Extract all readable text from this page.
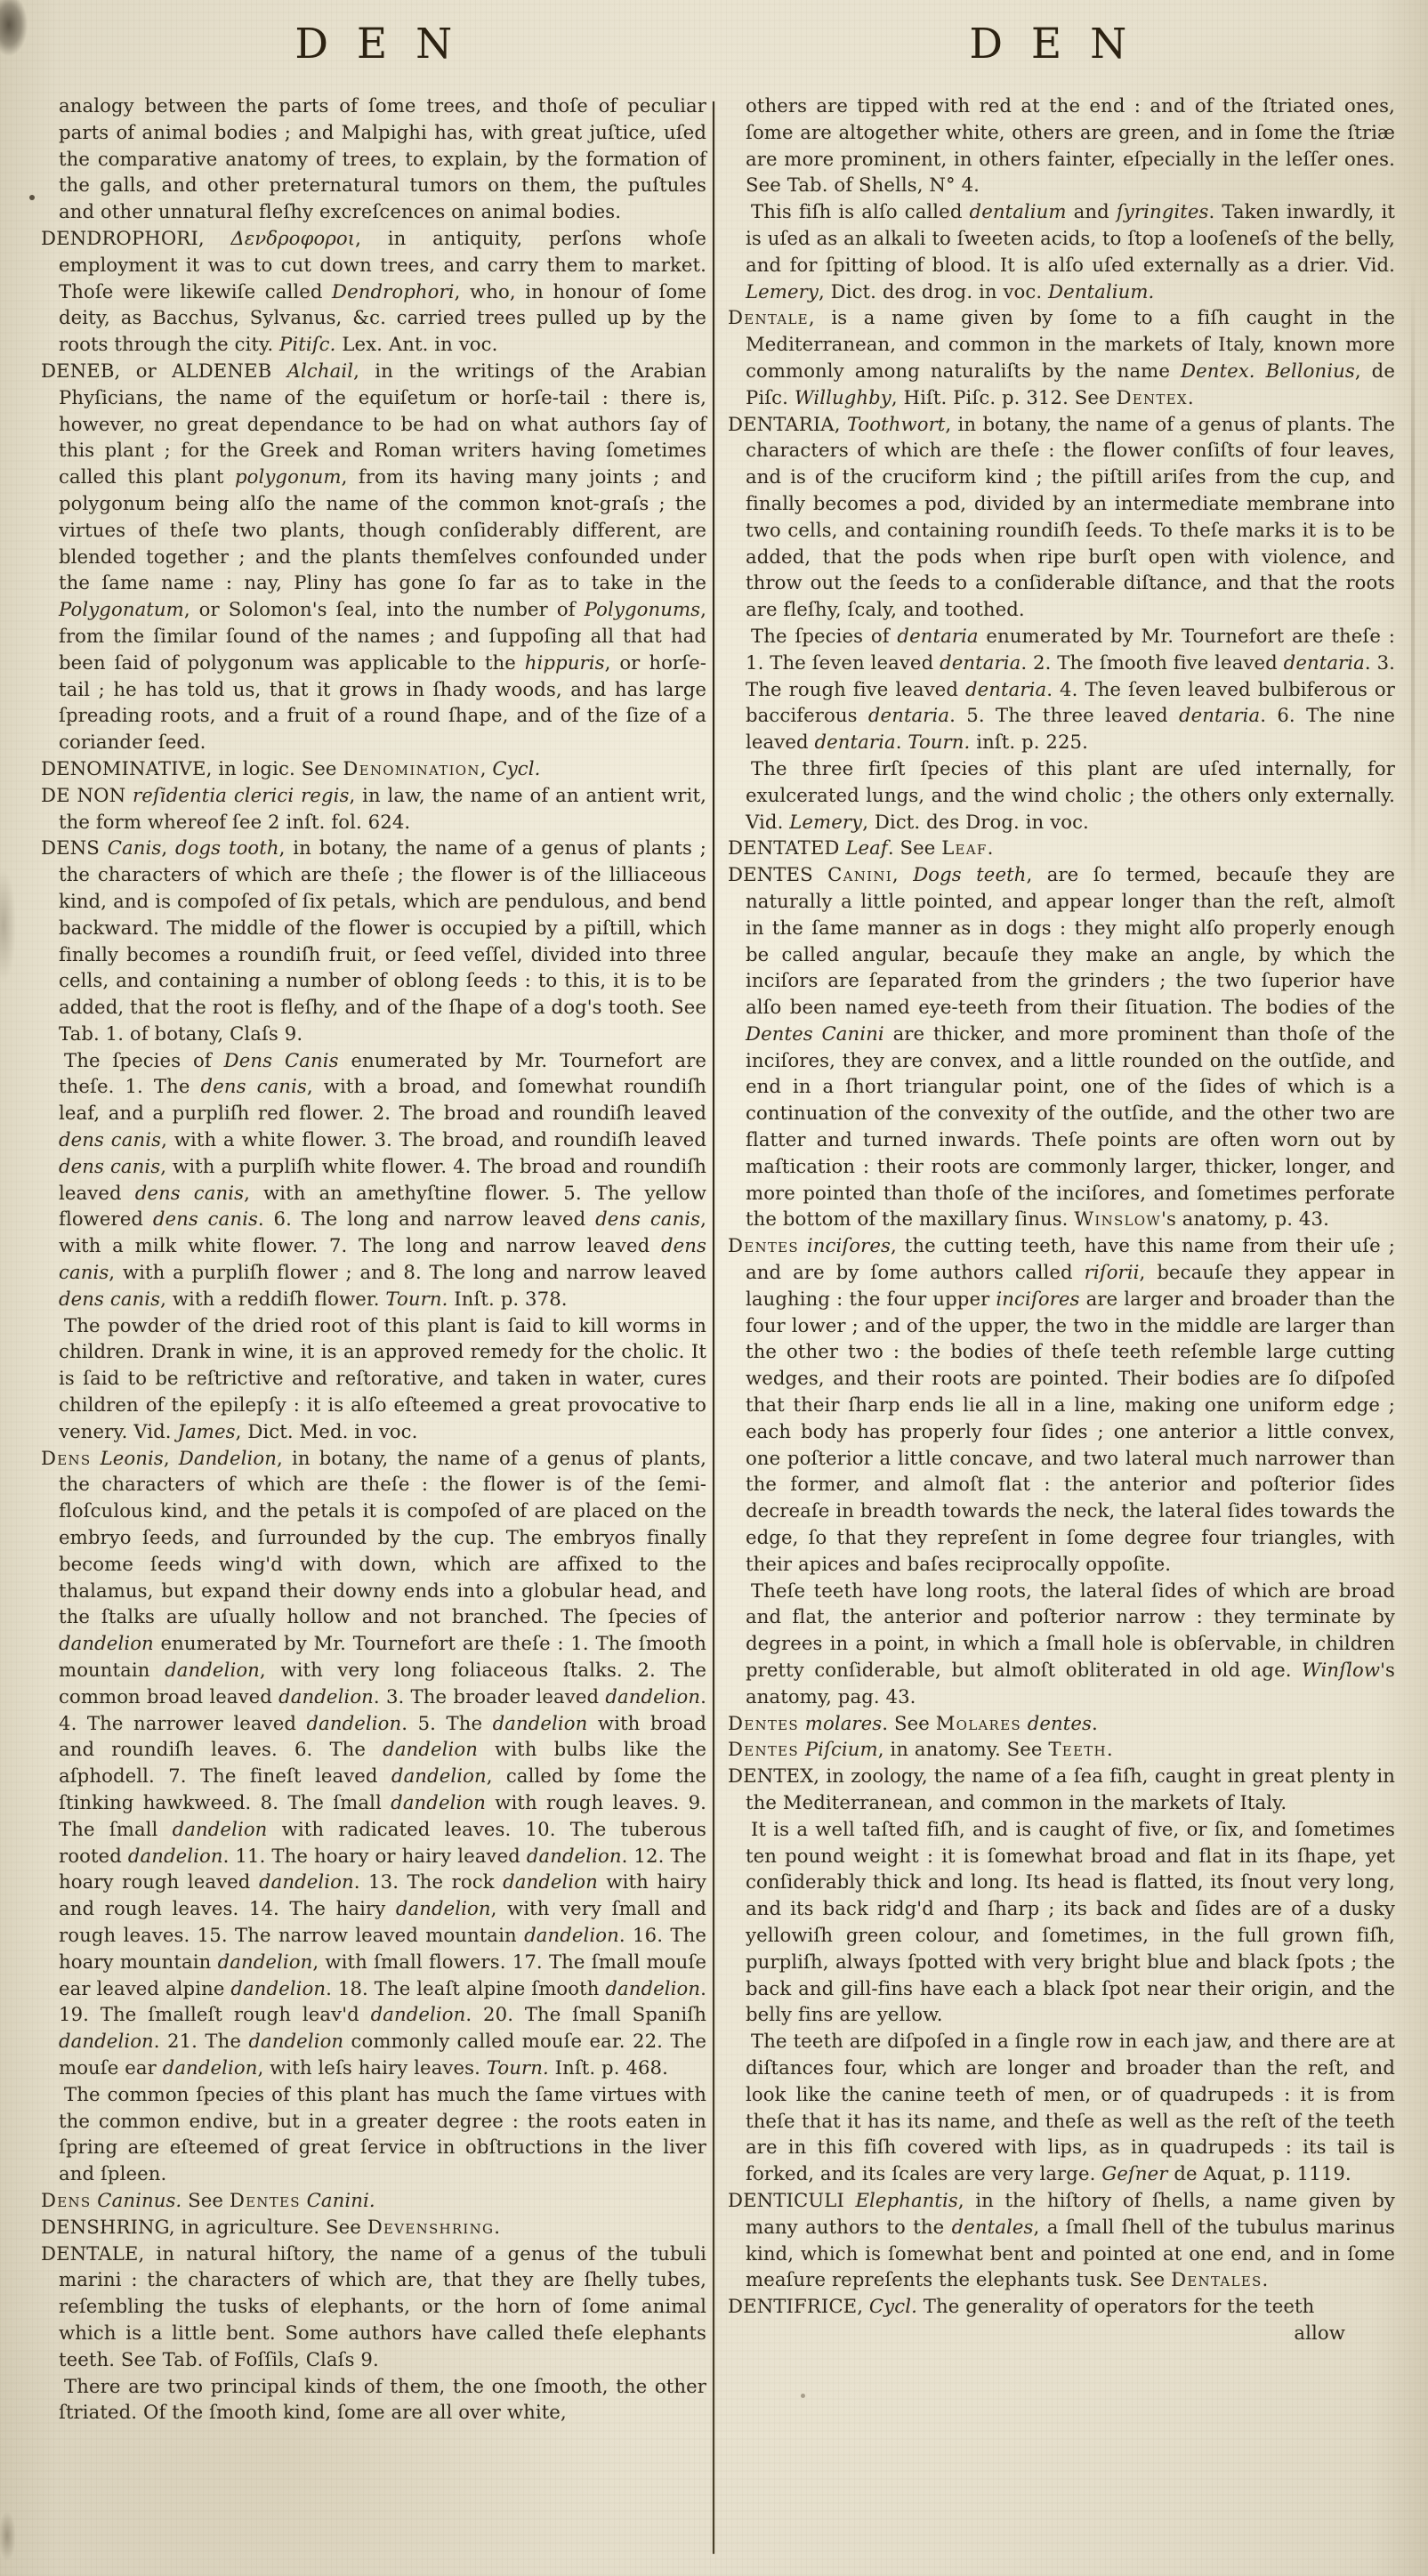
D E N	D E N

analogy between the parts of ſome trees, and thoſe of peculiar parts of animal bodies ; and Malpighi has, with great juſtice, uſed the comparative anatomy of trees, to explain, by the formation of the galls, and other preternatural tumors on them, the puſtules and other unnatural fleſhy excreſcences on animal bodies.

DENDROPHORI, Δενδροφοροι, in antiquity, perſons whoſe employment it was to cut down trees, and carry them to market. Thoſe were likewiſe called Dendrophori, who, in honour of ſome deity, as Bacchus, Sylvanus, &c. carried trees pulled up by the roots through the city. Pitiſc. Lex. Ant. in voc.

DENEB, or ALDENEB Alchail, in the writings of the Arabian Phyſicians, the name of the equiſetum or horſe-tail : there is, however, no great dependance to be had on what authors ſay of this plant ; for the Greek and Roman writers having ſometimes called this plant polygonum, from its having many joints ; and polygonum being alſo the name of the common knot-graſs ; the virtues of theſe two plants, though conſiderably different, are blended together ; and the plants themſelves confounded under the ſame name : nay, Pliny has gone ſo far as to take in the Polygonatum, or Solomon's ſeal, into the number of Polygonums, from the ſimilar ſound of the names ; and ſuppoſing all that had been ſaid of polygonum was applicable to the hippuris, or horſe-tail ; he has told us, that it grows in ſhady woods, and has large ſpreading roots, and a fruit of a round ſhape, and of the ſize of a coriander ſeed.

DENOMINATIVE, in logic. See Denomination, Cycl.

DE NON reſidentia clerici regis, in law, the name of an antient writ, the form whereof ſee 2 inſt. fol. 624.

DENS Canis, dogs tooth, in botany, the name of a genus of plants ; the characters of which are theſe ; the flower is of the lilliaceous kind, and is compoſed of ſix petals, which are pendulous, and bend backward. The middle of the flower is occupied by a piſtill, which finally becomes a roundiſh fruit, or ſeed veſſel, divided into three cells, and containing a number of oblong ſeeds : to this, it is to be added, that the root is fleſhy, and of the ſhape of a dog's tooth. See Tab. 1. of botany, Claſs 9.

The ſpecies of Dens Canis enumerated by Mr. Tournefort are theſe. 1. The dens canis, with a broad, and ſomewhat roundiſh leaf, and a purpliſh red flower. 2. The broad and roundiſh leaved dens canis, with a white flower. 3. The broad, and roundiſh leaved dens canis, with a purpliſh white flower. 4. The broad and roundiſh leaved dens canis, with an amethyſtine flower. 5. The yellow flowered dens canis. 6. The long and narrow leaved dens canis, with a milk white flower. 7. The long and narrow leaved dens canis, with a purpliſh flower ; and 8. The long and narrow leaved dens canis, with a reddiſh flower. Tourn. Inſt. p. 378.

The powder of the dried root of this plant is ſaid to kill worms in children. Drank in wine, it is an approved remedy for the cholic. It is ſaid to be reſtrictive and reſtorative, and taken in water, cures children of the epilepſy : it is alſo eſteemed a great provocative to venery. Vid. James, Dict. Med. in voc.

Dens Leonis, Dandelion, in botany, the name of a genus of plants, the characters of which are theſe : the flower is of the ſemi-floſculous kind, and the petals it is compoſed of are placed on the embryo ſeeds, and ſurrounded by the cup. The embryos finally become ſeeds wing'd with down, which are affixed to the thalamus, but expand their downy ends into a globular head, and the ſtalks are uſually hollow and not branched. The ſpecies of dandelion enumerated by Mr. Tournefort are theſe : 1. The ſmooth mountain dandelion, with very long foliaceous ſtalks. 2. The common broad leaved dandelion. 3. The broader leaved dandelion. 4. The narrower leaved dandelion. 5. The dandelion with broad and roundiſh leaves. 6. The dandelion with bulbs like the aſphodell. 7. The fineſt leaved dandelion, called by ſome the ſtinking hawkweed. 8. The ſmall dandelion with rough leaves. 9. The ſmall dandelion with radicated leaves. 10. The tuberous rooted dandelion. 11. The hoary or hairy leaved dandelion. 12. The hoary rough leaved dandelion. 13. The rock dandelion with hairy and rough leaves. 14. The hairy dandelion, with very ſmall and rough leaves. 15. The narrow leaved mountain dandelion. 16. The hoary mountain dandelion, with ſmall flowers. 17. The ſmall mouſe ear leaved alpine dandelion. 18. The leaſt alpine ſmooth dandelion. 19. The ſmalleſt rough leav'd dandelion. 20. The ſmall Spaniſh dandelion. 21. The dandelion commonly called mouſe ear. 22. The mouſe ear dandelion, with leſs hairy leaves. Tourn. Inſt. p. 468.

The common ſpecies of this plant has much the ſame virtues with the common endive, but in a greater degree : the roots eaten in ſpring are eſteemed of great ſervice in obſtructions in the liver and ſpleen.

Dens Caninus. See Dentes Canini.

DENSHRING, in agriculture. See Devenshring.

DENTALE, in natural hiſtory, the name of a genus of the tubuli marini : the characters of which are, that they are ſhelly tubes, reſembling the tusks of elephants, or the horn of ſome animal which is a little bent. Some authors have called theſe elephants teeth. See Tab. of Foſſils, Claſs 9.

There are two principal kinds of them, the one ſmooth, the other ſtriated. Of the ſmooth kind, ſome are all over white,

others are tipped with red at the end : and of the ſtriated ones, ſome are altogether white, others are green, and in ſome the ſtriæ are more prominent, in others fainter, eſpecially in the leſſer ones. See Tab. of Shells, N° 4.

This fiſh is alſo called dentalium and ſyringites. Taken inwardly, it is uſed as an alkali to ſweeten acids, to ſtop a looſeneſs of the belly, and for ſpitting of blood. It is alſo uſed externally as a drier. Vid. Lemery, Dict. des drog. in voc. Dentalium.

Dentale, is a name given by ſome to a fiſh caught in the Mediterranean, and common in the markets of Italy, known more commonly among naturaliſts by the name Dentex. Bellonius, de Piſc. Willughby, Hiſt. Piſc. p. 312. See Dentex.

DENTARIA, Toothwort, in botany, the name of a genus of plants. The characters of which are theſe : the flower conſiſts of four leaves, and is of the cruciform kind ; the piſtill ariſes from the cup, and finally becomes a pod, divided by an intermediate membrane into two cells, and containing roundiſh ſeeds. To theſe marks it is to be added, that the pods when ripe burſt open with violence, and throw out the ſeeds to a conſiderable diſtance, and that the roots are fleſhy, ſcaly, and toothed.

The ſpecies of dentaria enumerated by Mr. Tournefort are theſe : 1. The ſeven leaved dentaria. 2. The ſmooth five leaved dentaria. 3. The rough five leaved dentaria. 4. The ſeven leaved bulbiferous or bacciferous dentaria. 5. The three leaved dentaria. 6. The nine leaved dentaria. Tourn. inſt. p. 225.

The three firſt ſpecies of this plant are uſed internally, for exulcerated lungs, and the wind cholic ; the others only externally. Vid. Lemery, Dict. des Drog. in voc.

DENTATED Leaf. See Leaf.

DENTES Canini, Dogs teeth, are ſo termed, becauſe they are naturally a little pointed, and appear longer than the reſt, almoſt in the ſame manner as in dogs : they might alſo properly enough be called angular, becauſe they make an angle, by which the inciſors are ſeparated from the grinders ; the two ſuperior have alſo been named eye-teeth from their ſituation. The bodies of the Dentes Canini are thicker, and more prominent than thoſe of the inciſores, they are convex, and a little rounded on the outſide, and end in a ſhort triangular point, one of the ſides of which is a continuation of the convexity of the outſide, and the other two are flatter and turned inwards. Theſe points are often worn out by maſtication : their roots are commonly larger, thicker, longer, and more pointed than thoſe of the inciſores, and ſometimes perforate the bottom of the maxillary ſinus. Winslow's anatomy, p. 43.

Dentes inciſores, the cutting teeth, have this name from their uſe ; and are by ſome authors called riſorii, becauſe they appear in laughing : the four upper inciſores are larger and broader than the four lower ; and of the upper, the two in the middle are larger than the other two : the bodies of theſe teeth reſemble large cutting wedges, and their roots are pointed. Their bodies are ſo diſpoſed that their ſharp ends lie all in a line, making one uniform edge ; each body has properly four ſides ; one anterior a little convex, one poſterior a little concave, and two lateral much narrower than the former, and almoſt flat : the anterior and poſterior ſides decreaſe in breadth towards the neck, the lateral ſides towards the edge, ſo that they repreſent in ſome degree four triangles, with their apices and baſes reciprocally oppoſite.

Theſe teeth have long roots, the lateral ſides of which are broad and flat, the anterior and poſterior narrow : they terminate by degrees in a point, in which a ſmall hole is obſervable, in children pretty conſiderable, but almoſt obliterated in old age. Winſlow's anatomy, pag. 43.

Dentes molares. See Molares dentes.

Dentes Piſcium, in anatomy. See Teeth.

DENTEX, in zoology, the name of a ſea fiſh, caught in great plenty in the Mediterranean, and common in the markets of Italy.

It is a well taſted fiſh, and is caught of five, or ſix, and ſometimes ten pound weight : it is ſomewhat broad and flat in its ſhape, yet conſiderably thick and long. Its head is flatted, its ſnout very long, and its back ridg'd and ſharp ; its back and ſides are of a dusky yellowiſh green colour, and ſometimes, in the full grown fiſh, purpliſh, always ſpotted with very bright blue and black ſpots ; the back and gill-fins have each a black ſpot near their origin, and the belly fins are yellow.

The teeth are diſpoſed in a ſingle row in each jaw, and there are at diſtances four, which are longer and broader than the reſt, and look like the canine teeth of men, or of quadrupeds : it is from theſe that it has its name, and theſe as well as the reſt of the teeth are in this fiſh covered with lips, as in quadrupeds : its tail is forked, and its ſcales are very large. Geſner de Aquat, p. 1119.

DENTICULI Elephantis, in the hiſtory of ſhells, a name given by many authors to the dentales, a ſmall ſhell of the tubulus marinus kind, which is ſomewhat bent and pointed at one end, and in ſome meaſure repreſents the elephants tusk. See Dentales.

DENTIFRICE, Cycl. The generality of operators for the teeth

allow
